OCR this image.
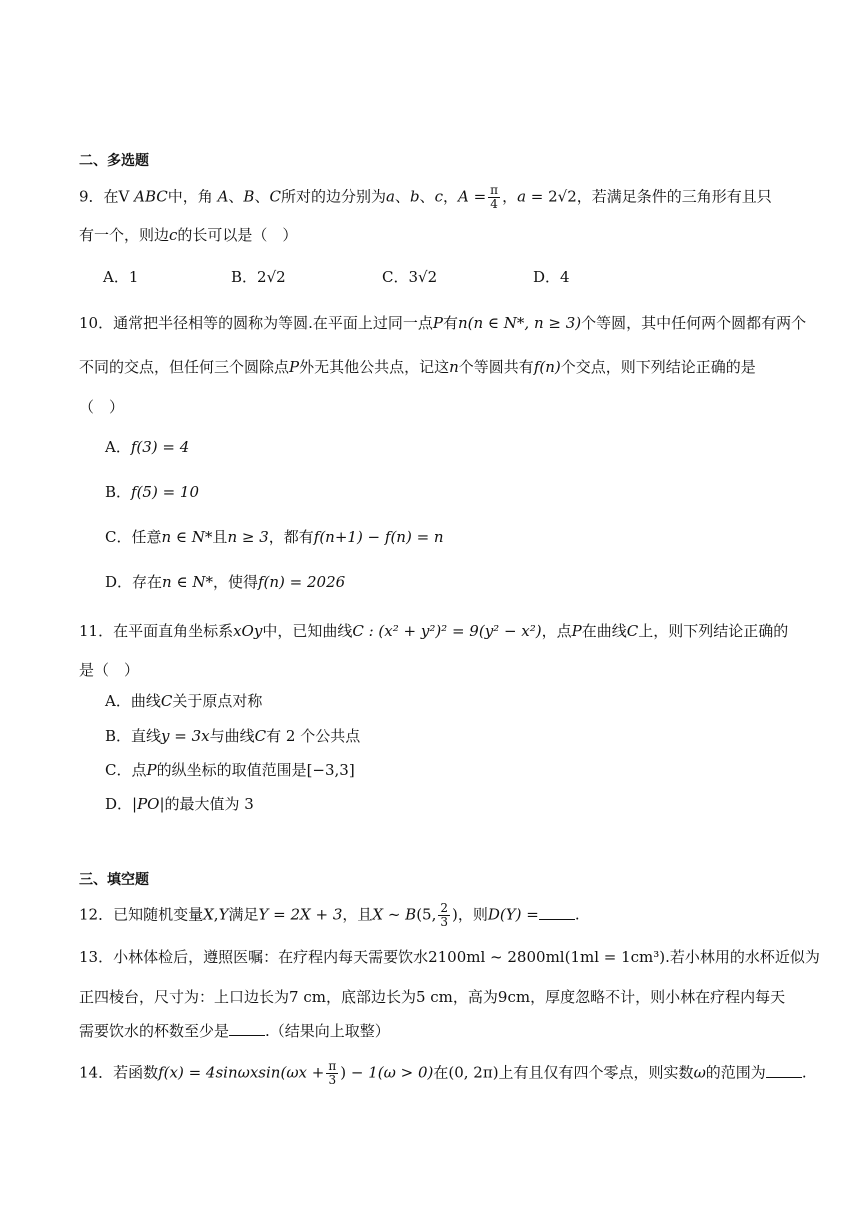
二、多选题
9．在V ABC中，角 A、B、C所对的边分别为a、b、c，$A = \frac{\pi}{4}$ ，a = 2√2，若满足条件的三角形有且只
有一个，则边c的长可以是（　）
A．1	B．2√2	C．3√2	D．4
10．通常把半径相等的圆称为等圆.在平面上过同一点P有n(n ∈ N*, n ≥ 3)个等圆，其中任何两个圆都有两个
不同的交点，但任何三个圆除点P外无其他公共点，记这n个等圆共有f(n)个交点，则下列结论正确的是
（　）
A．f(3) = 4
B．f(5) = 10
C．任意n ∈ N*且n ≥ 3，都有f(n+1) − f(n) = n
D．存在n ∈ N*，使得f(n) = 2026
11．在平面直角坐标系xOy中，已知曲线C : (x² + y²)² = 9(y² − x²)，点P在曲线C上，则下列结论正确的
是（　）
A．曲线C关于原点对称
B．直线y = 3x与曲线C有 2 个公共点
C．点P的纵坐标的取值范围是[−3,3]
D．|PO|的最大值为 3
三、填空题
12．已知随机变量X,Y满足Y = 2X + 3，且X ~ B(5, $\frac{2}{3}$ )，则D(Y) = .
13．小林体检后，遵照医嘱：在疗程内每天需要饮水2100ml ~ 2800ml(1ml = 1cm³).若小林用的水杯近似为
正四棱台，尺寸为：上口边长为7 cm，底部边长为5 cm，高为9cm，厚度忽略不计，则小林在疗程内每天
需要饮水的杯数至少是 .（结果向上取整）
14．若函数$f(x) = 4\sin\omega xsin(\omega x + \frac{\pi}{3}$ ) − 1(ω > 0)在(0, 2π)上有且仅有四个零点，则实数ω的范围为 .
